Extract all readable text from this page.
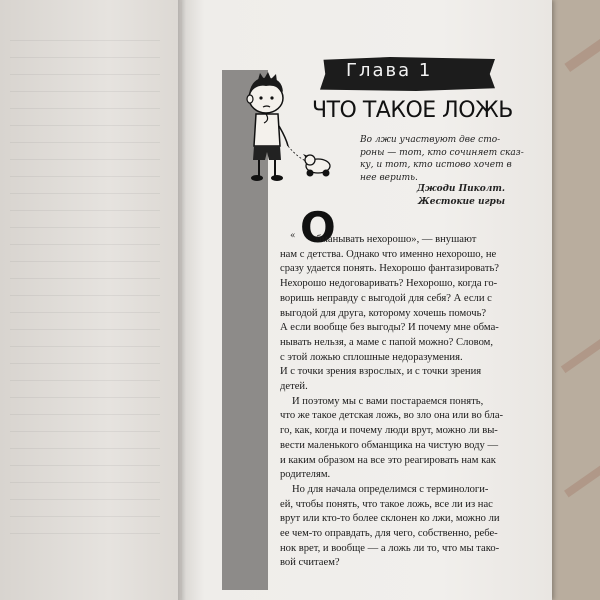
Глава 1
ЧТО ТАКОЕ ЛОЖЬ
Во лжи участвуют две сто-
роны — тот, кто сочиняет сказ-
ку, и тот, кто истово хочет в
нее верить.
Джоди Пиколт.
Жестокие игры
« О
бманывать нехорошо», — внушают
нам с детства. Однако что именно нехорошо, не
сразу удается понять. Нехорошо фантазировать?
Нехорошо недоговаривать? Нехорошо, когда го-
воришь неправду с выгодой для себя? А если с
выгодой для друга, которому хочешь помочь?
А если вообще без выгоды? И почему мне обма-
нывать нельзя, а маме с папой можно? Словом,
с этой ложью сплошные недоразумения.
И с точки зрения взрослых, и с точки зрения
детей.
И поэтому мы с вами постараемся понять,
что же такое детская ложь, во зло она или во бла-
го, как, когда и почему люди врут, можно ли вы-
вести маленького обманщика на чистую воду —
и каким образом на все это реагировать нам как
родителям.
Но для начала определимся с терминологи-
ей, чтобы понять, что такое ложь, все ли из нас
врут или кто-то более склонен ко лжи, можно ли
ее чем-то оправдать, для чего, собственно, ребе-
нок врет, и вообще — а ложь ли то, что мы тако-
вой считаем?
